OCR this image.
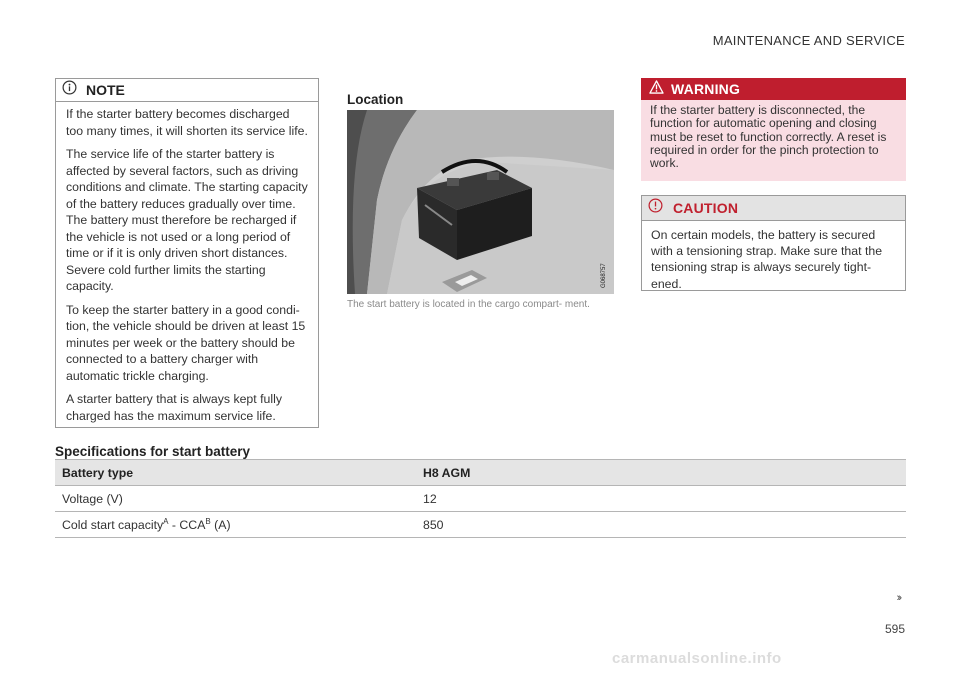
MAINTENANCE AND SERVICE
NOTE

If the starter battery becomes discharged too many times, it will shorten its service life.

The service life of the starter battery is affected by several factors, such as driving conditions and climate. The starting capacity of the battery reduces gradually over time. The battery must therefore be recharged if the vehicle is not used or a long period of time or if it is only driven short distances. Severe cold further limits the starting capacity.

To keep the starter battery in a good condi- tion, the vehicle should be driven at least 15 minutes per week or the battery should be connected to a battery charger with automatic trickle charging.

A starter battery that is always kept fully charged has the maximum service life.

Location
G068757
The start battery is located in the cargo compart- ment.
WARNING
If the starter battery is disconnected, the function for automatic opening and closing must be reset to function correctly. A reset is required in order for the pinch protection to work.
CAUTION
On certain models, the battery is secured with a tensioning strap. Make sure that the tensioning strap is always securely tight- ened.
Specifications for start battery
Battery type	H8 AGM
Voltage (V)	12
Cold start capacity$^A$ - $CCA^B$ (A)	850
››
595
carmanualsonline.info
